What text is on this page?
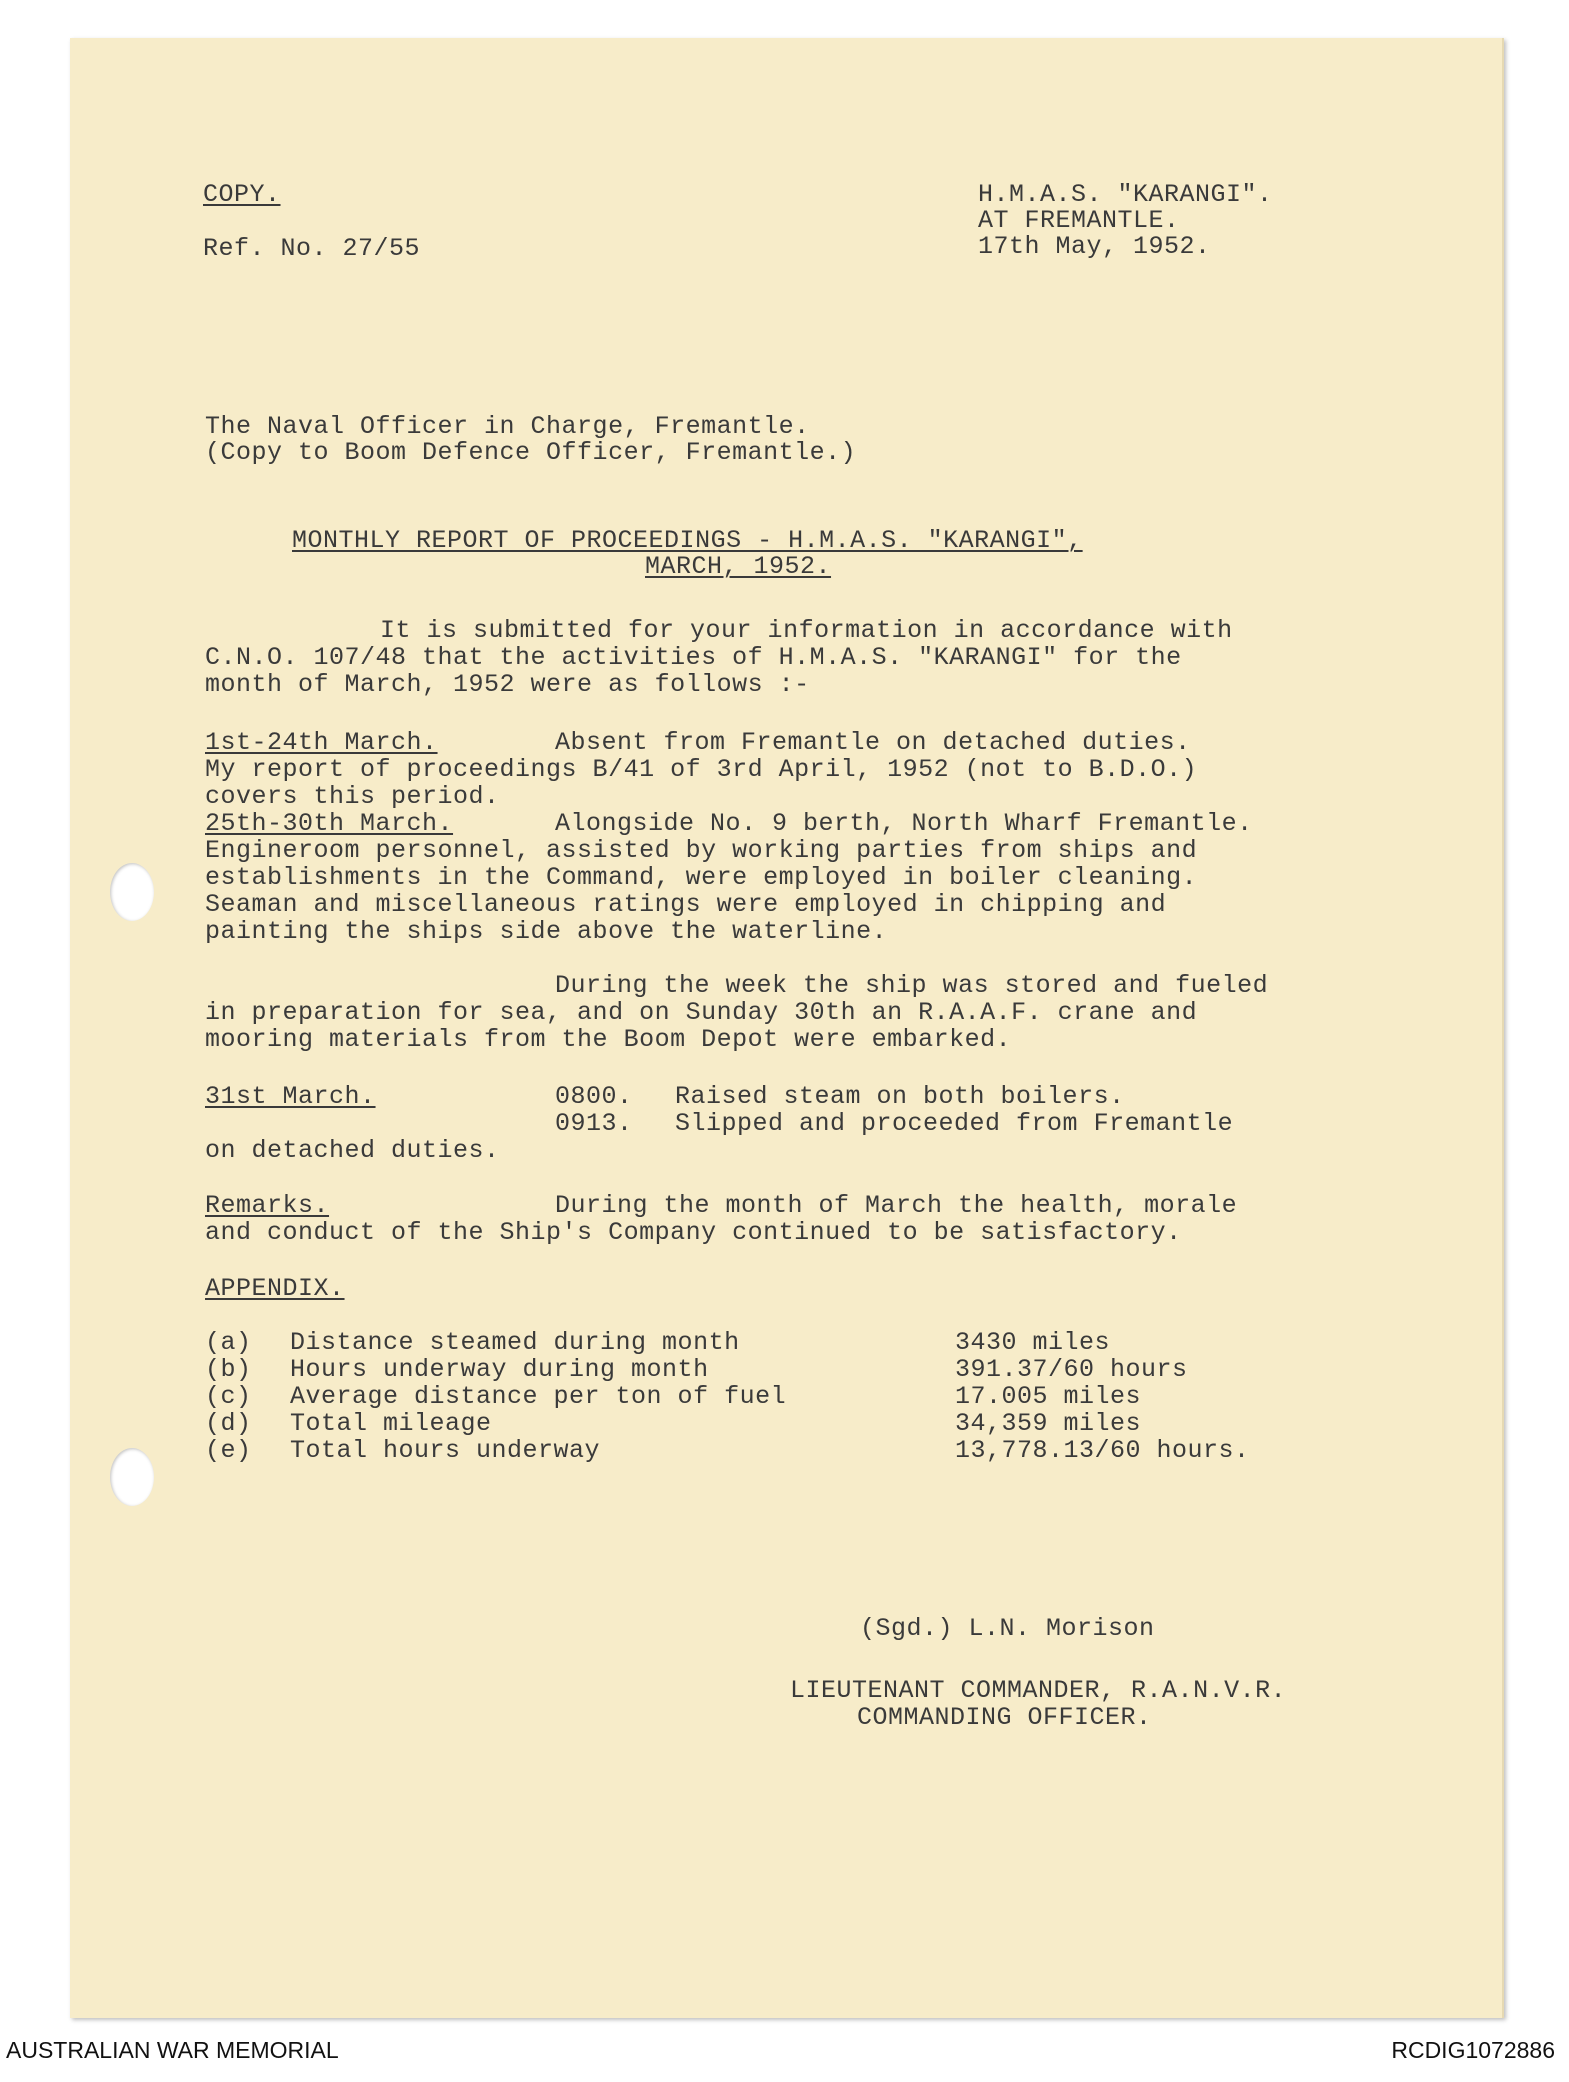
COPY.
Ref. No. 27/55
H.M.A.S. "KARANGI".
AT FREMANTLE.
17th May, 1952.
The Naval Officer in Charge, Fremantle.
(Copy to Boom Defence Officer, Fremantle.)
MONTHLY REPORT OF PROCEEDINGS - H.M.A.S. "KARANGI",
MARCH, 1952.
It is submitted for your information in accordance with
C.N.O. 107/48 that the activities of H.M.A.S. "KARANGI" for the
month of March, 1952 were as follows :-
1st-24th March.	Absent from Fremantle on detached duties.
My report of proceedings B/41 of 3rd April, 1952 (not to B.D.O.)
covers this period.
25th-30th March.	Alongside No. 9 berth, North Wharf Fremantle.
Engineroom personnel, assisted by working parties from ships and
establishments in the Command, were employed in boiler cleaning.
Seaman and miscellaneous ratings were employed in chipping and
painting the ships side above the waterline.
During the week the ship was stored and fueled
in preparation for sea, and on Sunday 30th an R.A.A.F. crane and
mooring materials from the Boom Depot were embarked.
31st March.	0800. Raised steam on both boilers.
0913. Slipped and proceeded from Fremantle
on detached duties.
Remarks.	During the month of March the health, morale
and conduct of the Ship's Company continued to be satisfactory.
APPENDIX.
(a) Distance steamed during month	3430 miles
(b) Hours underway during month	391.37/60 hours
(c) Average distance per ton of fuel	17.005 miles
(d) Total mileage	34,359 miles
(e) Total hours underway	13,778.13/60 hours.
(Sgd.) L.N. Morison
LIEUTENANT COMMANDER, R.A.N.V.R.
COMMANDING OFFICER.
AUSTRALIAN WAR MEMORIAL	RCDIG1072886
